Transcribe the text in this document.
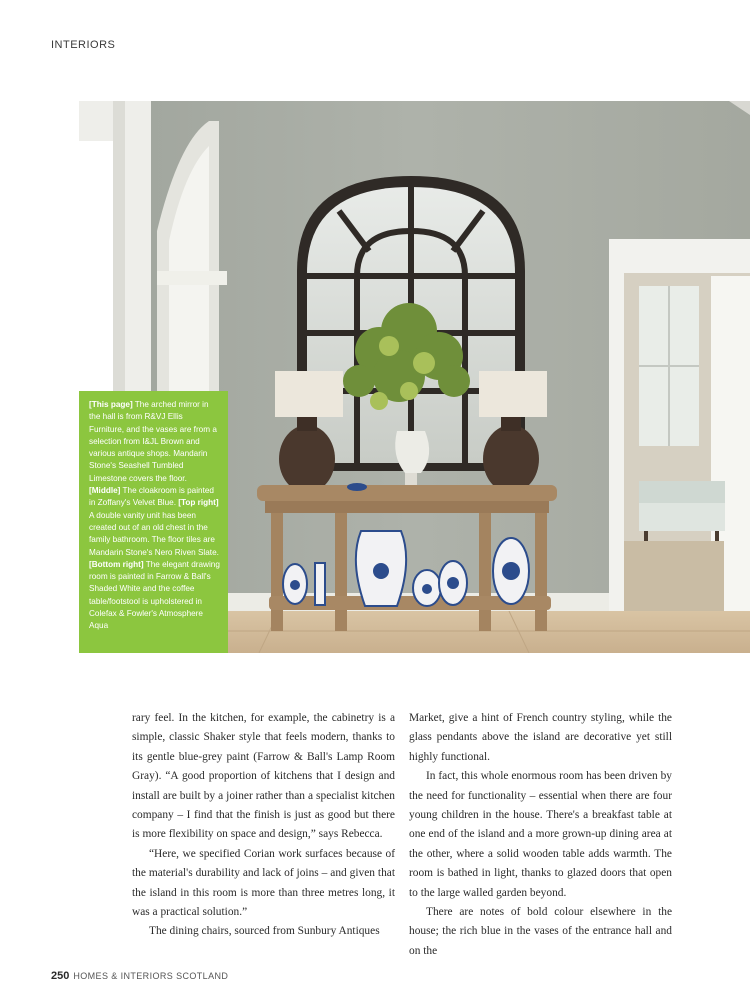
INTERIORS
[This page] The arched mirror in the hall is from R&VJ Ellis Furniture, and the vases are from a selection from I&JL Brown and various antique shops. Mandarin Stone's Seashell Tumbled Limestone covers the floor. [Middle] The cloakroom is painted in Zoffany's Velvet Blue. [Top right] A double vanity unit has been created out of an old chest in the family bathroom. The floor tiles are Mandarin Stone's Nero Riven Slate. [Bottom right] The elegant drawing room is painted in Farrow & Ball's Shaded White and the coffee table/footstool is upholstered in Colefax & Fowler's Atmosphere Aqua

rary feel. In the kitchen, for example, the cabinetry is a simple, classic Shaker style that feels modern, thanks to its gentle blue-grey paint (Farrow & Ball's Lamp Room Gray). “A good proportion of kitchens that I design and install are built by a joiner rather than a specialist kitchen company – I find that the finish is just as good but there is more flexibility on space and design,” says Rebecca.

“Here, we specified Corian work surfaces because of the material's durability and lack of joins – and given that the island in this room is more than three metres long, it was a practical solution.”

The dining chairs, sourced from Sunbury Antiques

Market, give a hint of French country styling, while the glass pendants above the island are decorative yet still highly functional.

In fact, this whole enormous room has been driven by the need for functionality – essential when there are four young children in the house. There's a breakfast table at one end of the island and a more grown-up dining area at the other, where a solid wooden table adds warmth. The room is bathed in light, thanks to glazed doors that open to the large walled garden beyond.

There are notes of bold colour elsewhere in the house; the rich blue in the vases of the entrance hall and on the

250 HOMES & INTERIORS SCOTLAND
